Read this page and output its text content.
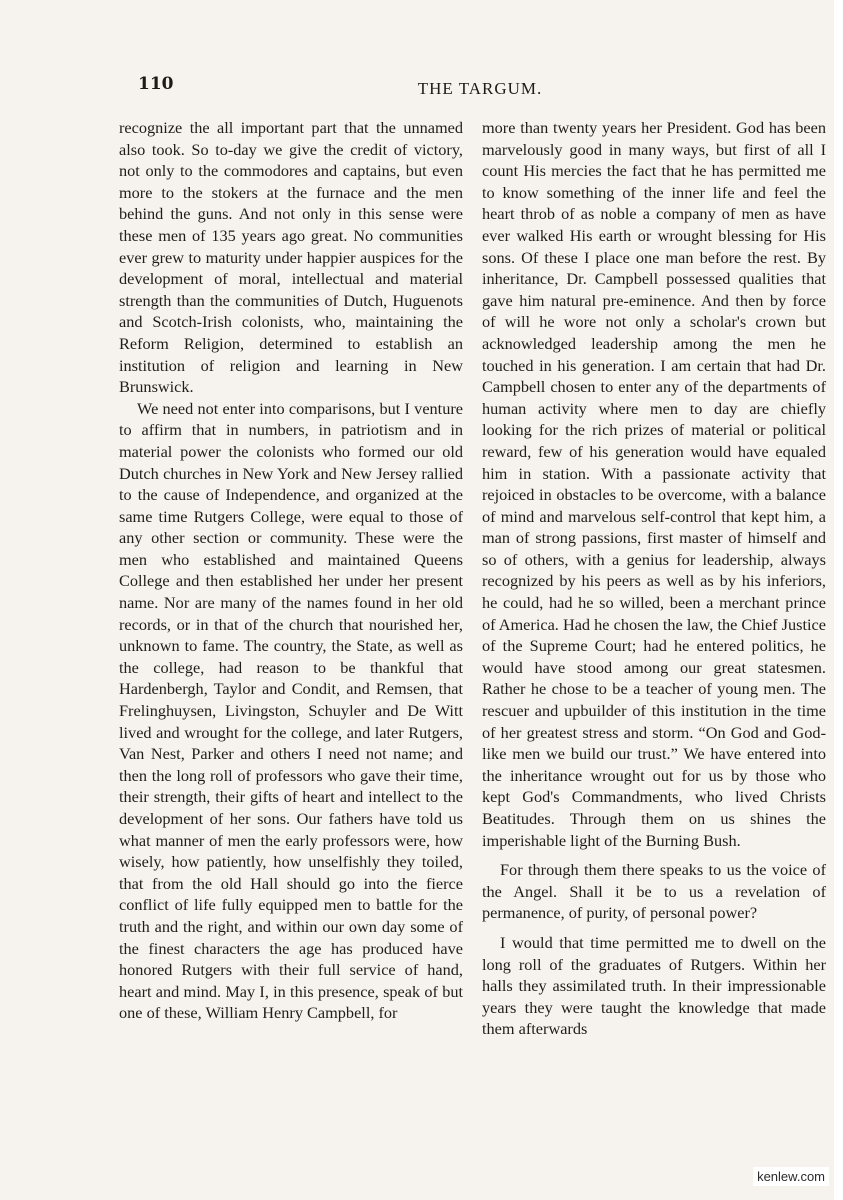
110	THE TARGUM.

recognize the all important part that the unnamed also took. So to-day we give the credit of victory, not only to the commodores and captains, but even more to the stokers at the furnace and the men behind the guns. And not only in this sense were these men of 135 years ago great. No communities ever grew to maturity under happier auspices for the development of moral, intellectual and material strength than the communities of Dutch, Huguenots and Scotch-Irish colonists, who, maintaining the Reform Religion, determined to establish an institution of religion and learning in New Brunswick.

We need not enter into comparisons, but I venture to affirm that in numbers, in patriotism and in material power the colonists who formed our old Dutch churches in New York and New Jersey rallied to the cause of Independence, and organized at the same time Rutgers College, were equal to those of any other section or community. These were the men who established and maintained Queens College and then established her under her present name. Nor are many of the names found in her old records, or in that of the church that nourished her, unknown to fame. The country, the State, as well as the college, had reason to be thankful that Hardenbergh, Taylor and Condit, and Remsen, that Frelinghuysen, Livingston, Schuyler and De Witt lived and wrought for the college, and later Rutgers, Van Nest, Parker and others I need not name; and then the long roll of professors who gave their time, their strength, their gifts of heart and intellect to the development of her sons. Our fathers have told us what manner of men the early professors were, how wisely, how patiently, how unselfishly they toiled, that from the old Hall should go into the fierce conflict of life fully equipped men to battle for the truth and the right, and within our own day some of the finest characters the age has produced have honored Rutgers with their full service of hand, heart and mind. May I, in this presence, speak of but one of these, William Henry Campbell, for

more than twenty years her President. God has been marvelously good in many ways, but first of all I count His mercies the fact that he has permitted me to know something of the inner life and feel the heart throb of as noble a company of men as have ever walked His earth or wrought blessing for His sons. Of these I place one man before the rest. By inheritance, Dr. Campbell possessed qualities that gave him natural pre-eminence. And then by force of will he wore not only a scholar's crown but acknowledged leadership among the men he touched in his generation. I am certain that had Dr. Campbell chosen to enter any of the departments of human activity where men to day are chiefly looking for the rich prizes of material or political reward, few of his generation would have equaled him in station. With a passionate activity that rejoiced in obstacles to be overcome, with a balance of mind and marvelous self-control that kept him, a man of strong passions, first master of himself and so of others, with a genius for leadership, always recognized by his peers as well as by his inferiors, he could, had he so willed, been a merchant prince of America. Had he chosen the law, the Chief Justice of the Supreme Court; had he entered politics, he would have stood among our great statesmen. Rather he chose to be a teacher of young men. The rescuer and upbuilder of this institution in the time of her greatest stress and storm. “On God and God-like men we build our trust.” We have entered into the inheritance wrought out for us by those who kept God's Commandments, who lived Christs Beatitudes. Through them on us shines the imperishable light of the Burning Bush.

For through them there speaks to us the voice of the Angel. Shall it be to us a revelation of permanence, of purity, of personal power?

I would that time permitted me to dwell on the long roll of the graduates of Rutgers. Within her halls they assimilated truth. In their impressionable years they were taught the knowledge that made them afterwards

kenlew.com
